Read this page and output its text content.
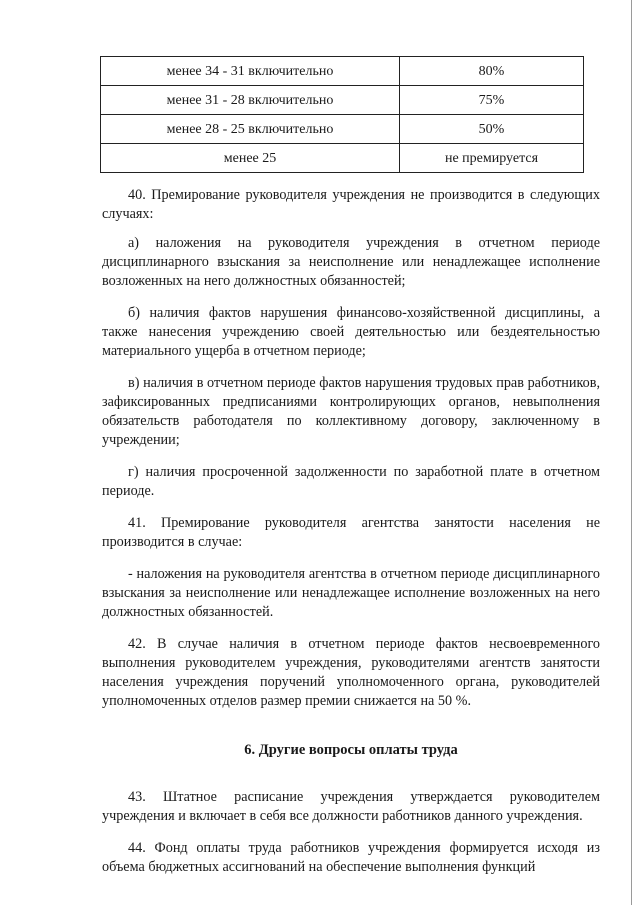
менее 34 - 31 включительно	80%
менее 31 - 28 включительно	75%
менее 28 - 25 включительно	50%
менее 25	не премируется

40. Премирование руководителя учреждения не производится в следующих случаях:

а) наложения на руководителя учреждения в отчетном периоде дисциплинарного взыскания за неисполнение или ненадлежащее исполнение возложенных на него должностных обязанностей;

б) наличия фактов нарушения финансово-хозяйственной дисциплины, а также нанесения учреждению своей деятельностью или бездеятельностью материального ущерба в отчетном периоде;

в) наличия в отчетном периоде фактов нарушения трудовых прав работников, зафиксированных предписаниями контролирующих органов, невыполнения обязательств работодателя по коллективному договору, заключенному в учреждении;

г) наличия просроченной задолженности по заработной плате в отчетном периоде.

41. Премирование руководителя агентства занятости населения не производится в случае:

- наложения на руководителя агентства в отчетном периоде дисциплинарного взыскания за неисполнение или ненадлежащее исполнение возложенных на него должностных обязанностей.

42. В случае наличия в отчетном периоде фактов несвоевременного выполнения руководителем учреждения, руководителями агентств занятости населения учреждения поручений уполномоченного органа, руководителей уполномоченных отделов размер премии снижается на 50 %.

6. Другие вопросы оплаты труда

43. Штатное расписание учреждения утверждается руководителем учреждения и включает в себя все должности работников данного учреждения.

44. Фонд оплаты труда работников учреждения формируется исходя из объема бюджетных ассигнований на обеспечение выполнения функций
